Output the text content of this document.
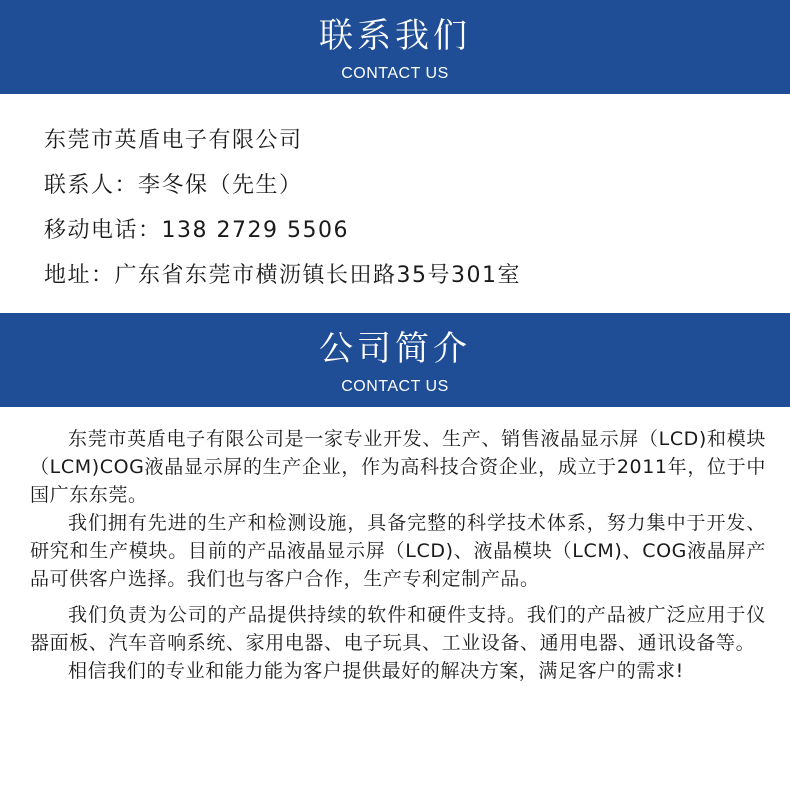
联系我们
CONTACT US
东莞市英盾电子有限公司
联系人：李冬保（先生）
移动电话：138 2729 5506
地址：广东省东莞市横沥镇长田路35号301室
公司简介
CONTACT US

东莞市英盾电子有限公司是一家专业开发、生产、销售液晶显示屏（LCD)和模块（LCM)COG液晶显示屏的生产企业，作为高科技合资企业，成立于2011年，位于中国广东东莞。

我们拥有先进的生产和检测设施，具备完整的科学技术体系，努力集中于开发、研究和生产模块。目前的产品液晶显示屏（LCD)、液晶模块（LCM)、COG液晶屏产品可供客户选择。我们也与客户合作，生产专利定制产品。

我们负责为公司的产品提供持续的软件和硬件支持。我们的产品被广泛应用于仪器面板、汽车音响系统、家用电器、电子玩具、工业设备、通用电器、通讯设备等。

相信我们的专业和能力能为客户提供最好的解决方案，满足客户的需求!
